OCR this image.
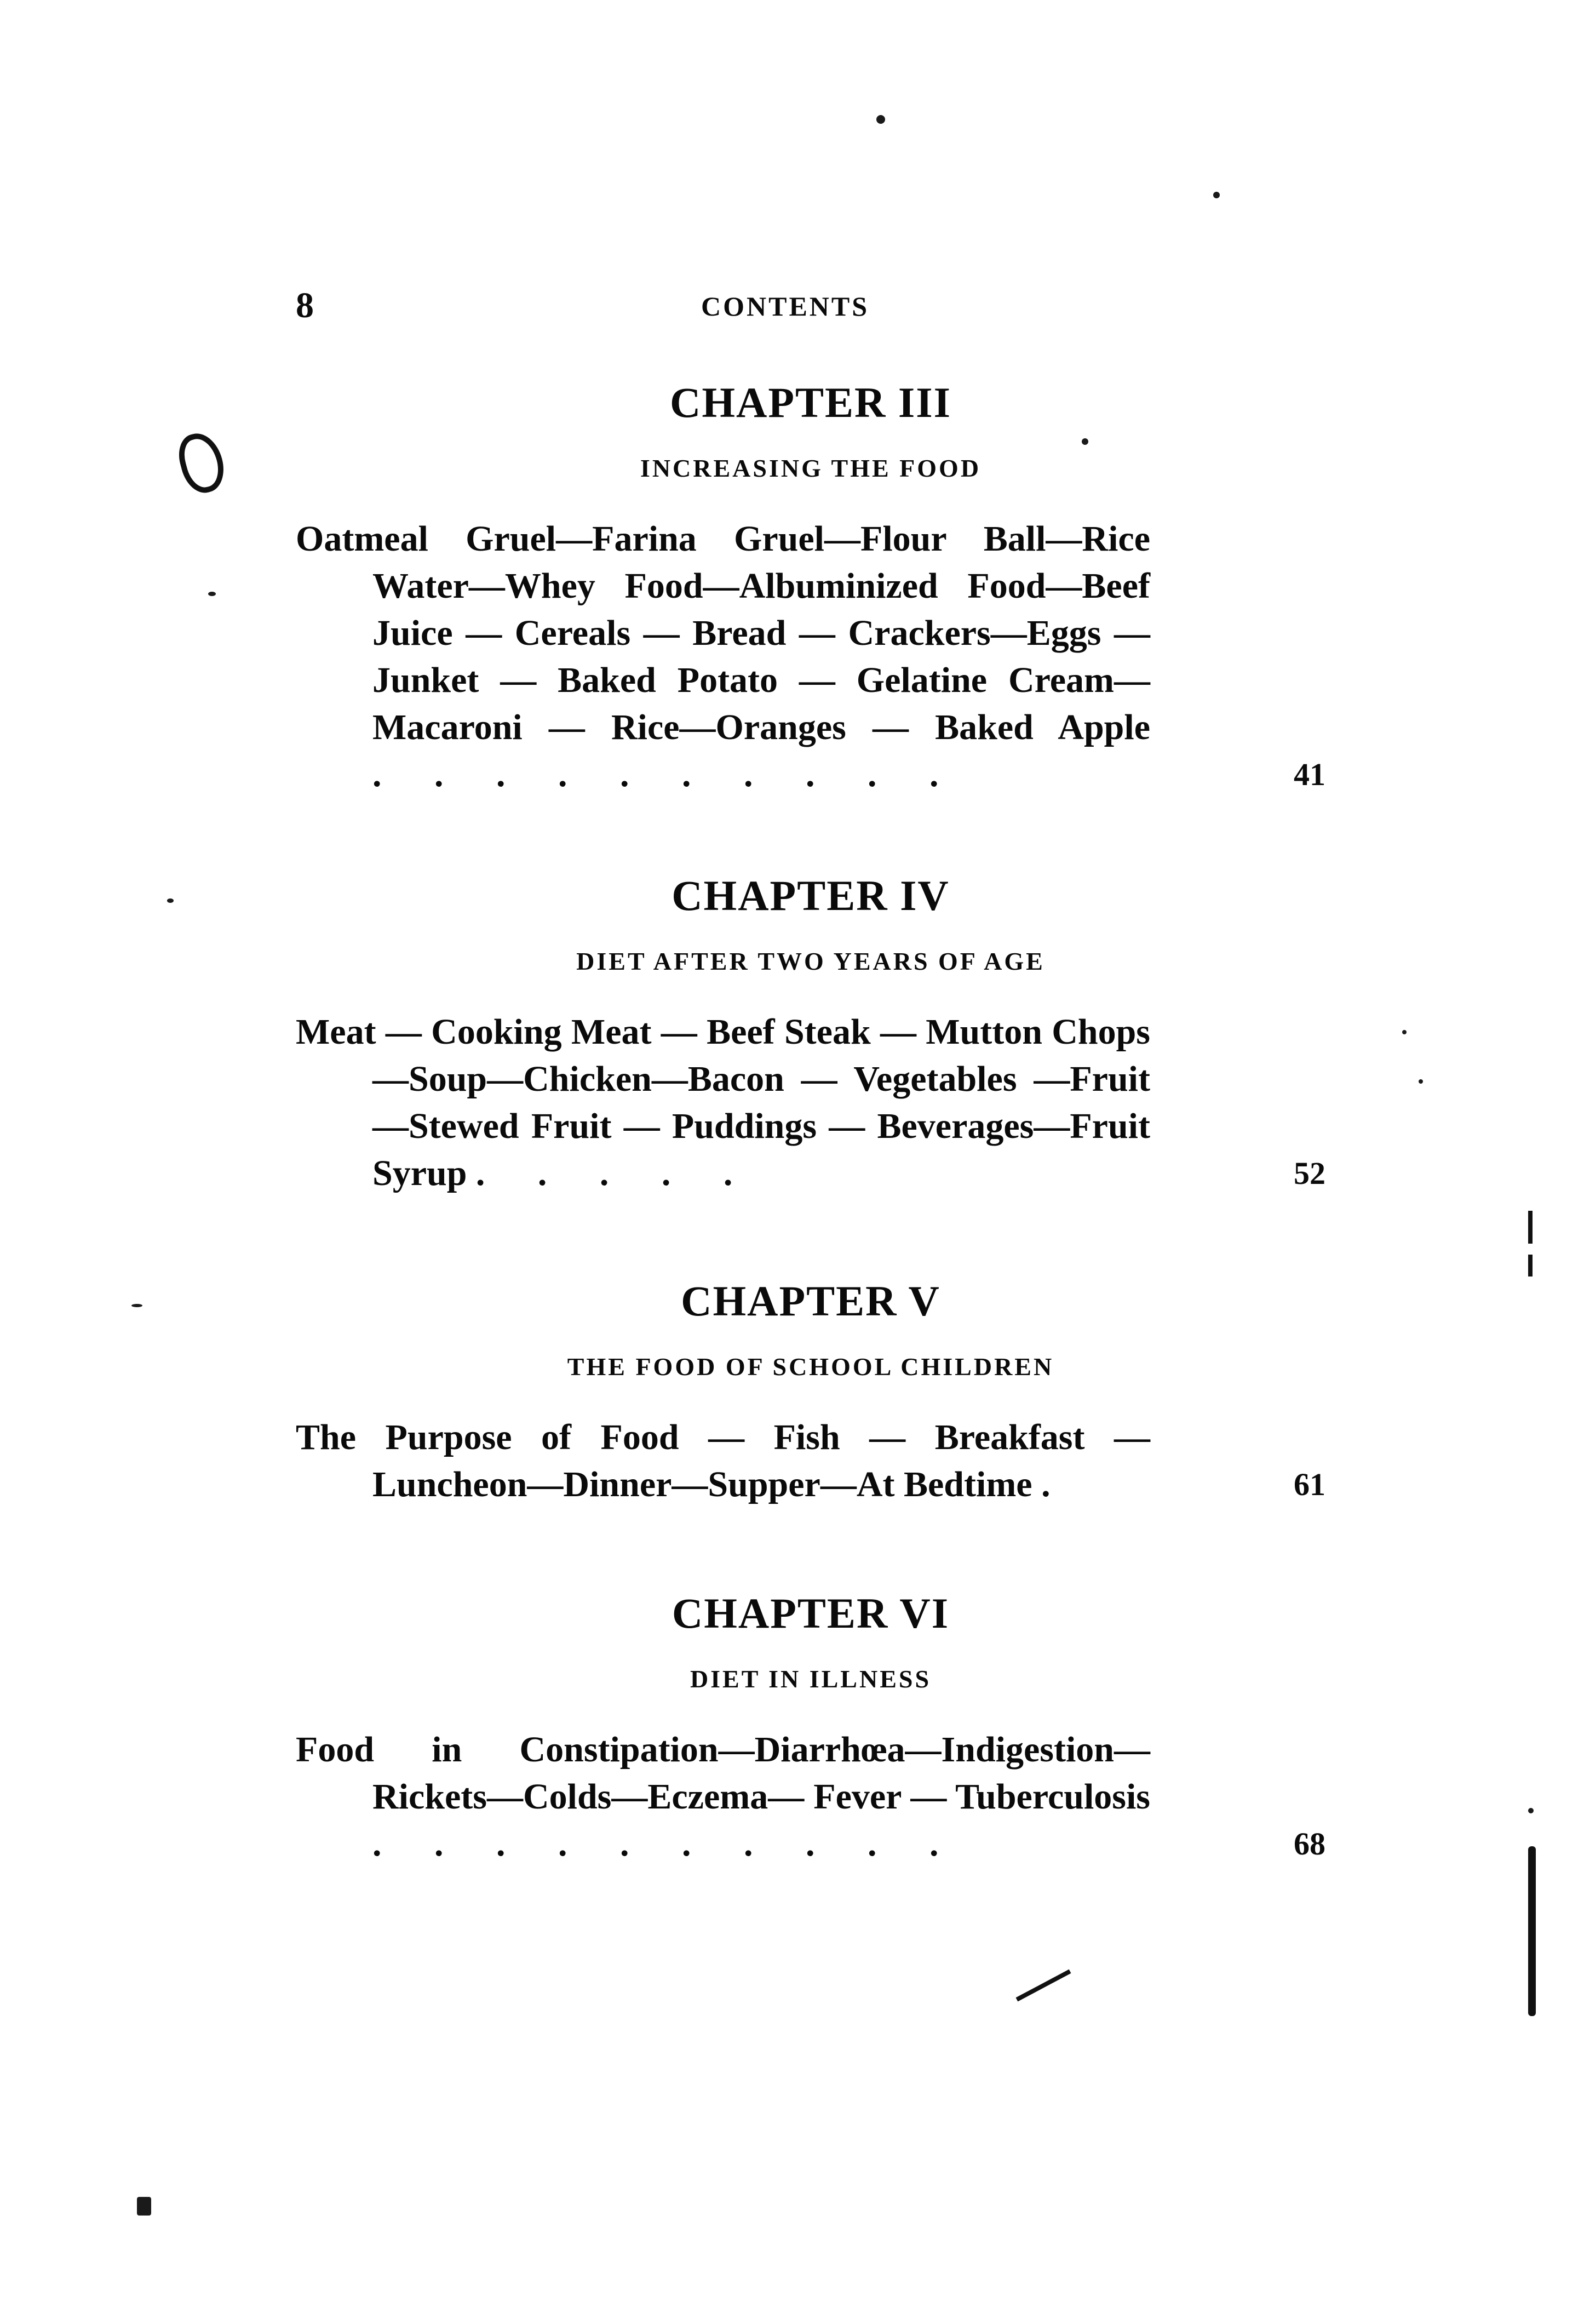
8	CONTENTS
CHAPTER III
INCREASING THE FOOD
Oatmeal Gruel—Farina Gruel—Flour Ball—Rice Water—Whey Food—Albuminized Food—Beef Juice — Cereals — Bread — Crackers—Eggs — Junket — Baked Potato — Gelatine Cream—Macaroni — Rice—Oranges — Baked Apple . . . . . . . . . .	41
CHAPTER IV
DIET AFTER TWO YEARS OF AGE
Meat — Cooking Meat — Beef Steak — Mutton Chops—Soup—Chicken—Bacon — Vegetables —Fruit—Stewed Fruit — Puddings — Beverages—Fruit Syrup . . . . .	52
CHAPTER V
THE FOOD OF SCHOOL CHILDREN
The Purpose of Food — Fish — Breakfast — Luncheon—Dinner—Supper—At Bedtime .	61
CHAPTER VI
DIET IN ILLNESS
Food in Constipation—Diarrhœa—Indigestion—Rickets—Colds—Eczema— Fever — Tuberculosis . . . . . . . . . .	68
